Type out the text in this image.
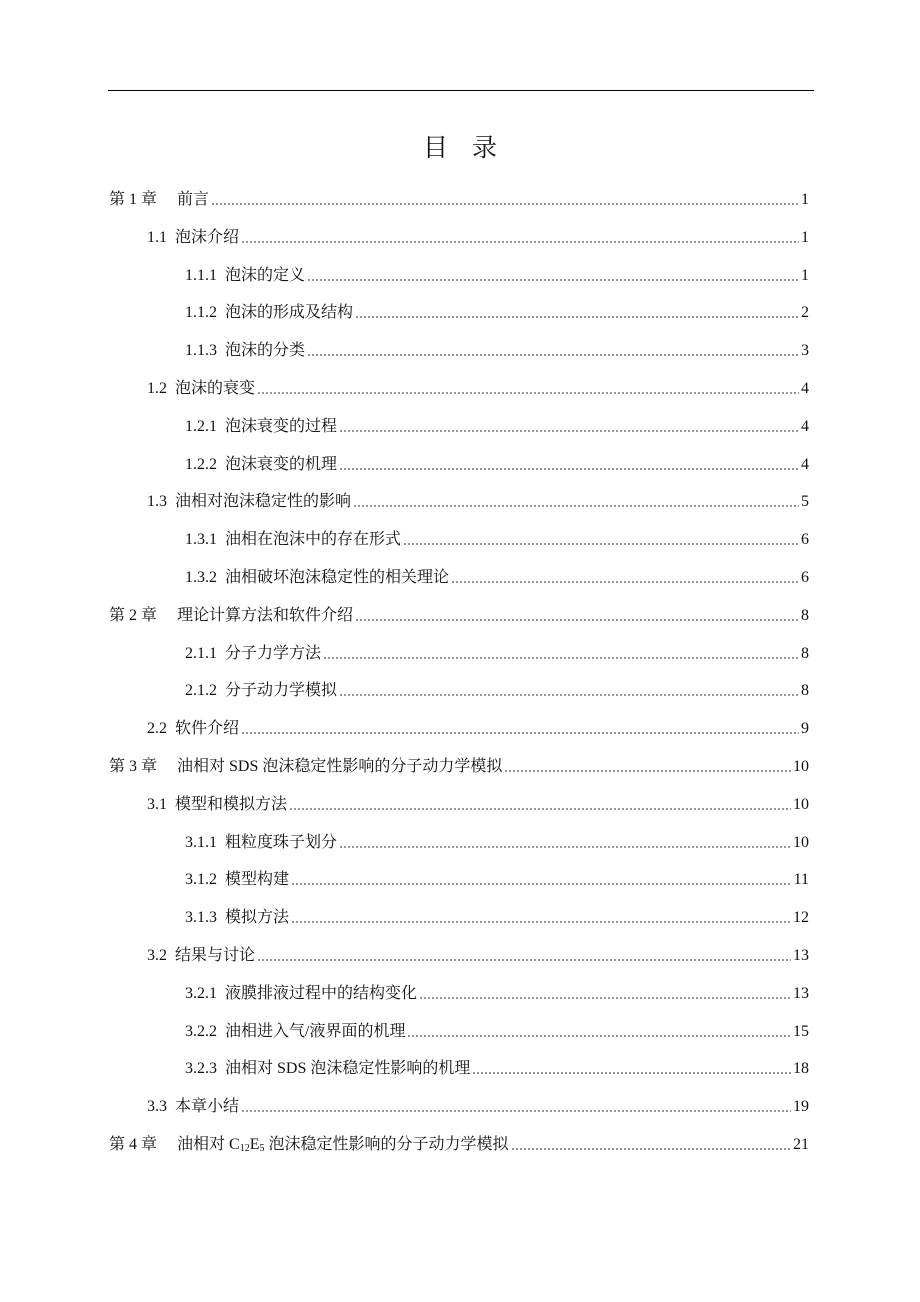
目 录
第 1 章 前言	1
1.1 泡沫介绍	1
1.1.1 泡沫的定义	1
1.1.2 泡沫的形成及结构	2
1.1.3 泡沫的分类	3
1.2 泡沫的衰变	4
1.2.1 泡沫衰变的过程	4
1.2.2 泡沫衰变的机理	4
1.3 油相对泡沫稳定性的影响	5
1.3.1 油相在泡沫中的存在形式	6
1.3.2 油相破坏泡沫稳定性的相关理论	6
第 2 章 理论计算方法和软件介绍	8
2.1.1 分子力学方法	8
2.1.2 分子动力学模拟	8
2.2 软件介绍	9
第 3 章 油相对 SDS 泡沫稳定性影响的分子动力学模拟	10
3.1 模型和模拟方法	10
3.1.1 粗粒度珠子划分	10
3.1.2 模型构建	11
3.1.3 模拟方法	12
3.2 结果与讨论	13
3.2.1 液膜排液过程中的结构变化	13
3.2.2 油相进入气/液界面的机理	15
3.2.3 油相对 SDS 泡沫稳定性影响的机理	18
3.3 本章小结	19
第 4 章 油相对 $C_{12}E_5$ 泡沫稳定性影响的分子动力学模拟	21
